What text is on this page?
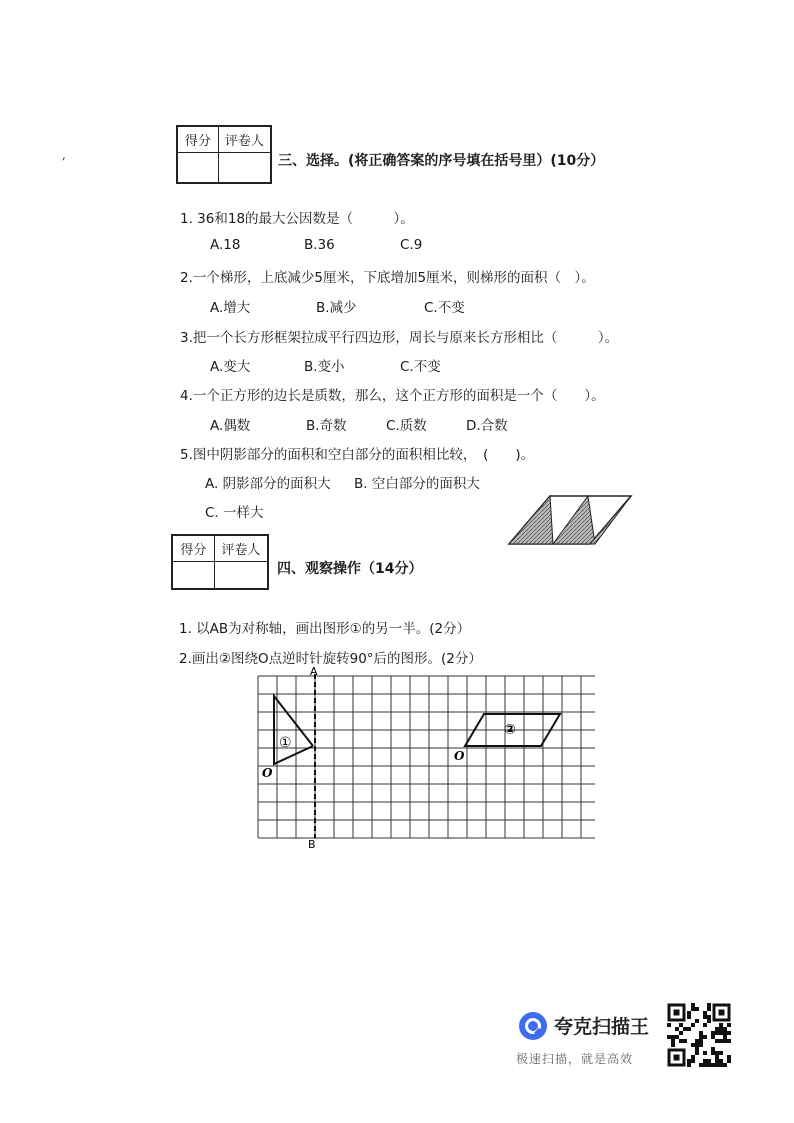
,
得分	评卷人
三、选择。(将正确答案的序号填在括号里）(10分）
1. 36和18的最大公因数是（　　　）。
A.18	B.36	C.9
2.一个梯形，上底减少5厘米，下底增加5厘米，则梯形的面积（　）。
A.增大	B.减少	C.不变
3.把一个长方形框架拉成平行四边形，周长与原来长方形相比（　　　）。
A.变大	B.变小	C.不变
4.一个正方形的边长是质数，那么，这个正方形的面积是一个（　　）。
A.偶数	B.奇数	C.质数	D.合数
5.图中阴影部分的面积和空白部分的面积相比较，　(　　)。
A. 阴影部分的面积大 B. 空白部分的面积大
C. 一样大
得分	评卷人
四、观察操作（14分）
1. 以AB为对称轴，画出图形①的另一半。(2分）
2.画出②图绕O点逆时针旋转90°后的图形。(2分）
A
B
①
O
②
O
夸克扫描王
极速扫描，就是高效
